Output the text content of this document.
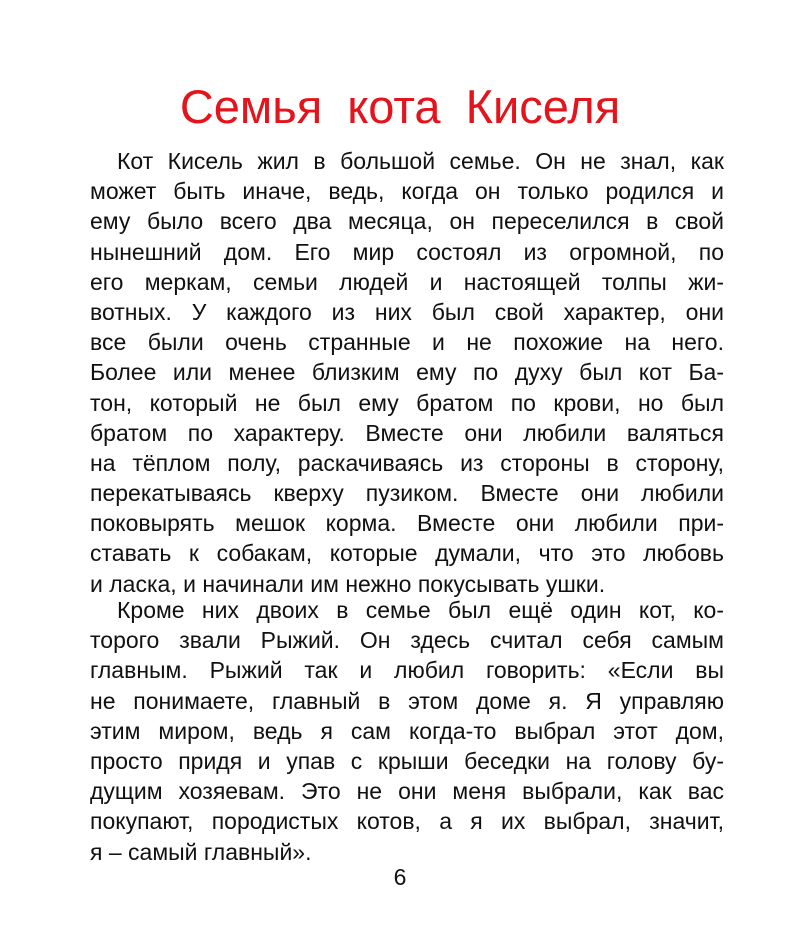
Семья кота Киселя
Кот Кисель жил в большой семье. Он не знал, как
может быть иначе, ведь, когда он только родился и
ему было всего два месяца, он переселился в свой
нынешний дом. Его мир состоял из огромной, по
его меркам, семьи людей и настоящей толпы жи-
вотных. У каждого из них был свой характер, они
все были очень странные и не похожие на него.
Более или менее близким ему по духу был кот Ба-
тон, который не был ему братом по крови, но был
братом по характеру. Вместе они любили валяться
на тёплом полу, раскачиваясь из стороны в сторону,
перекатываясь кверху пузиком. Вместе они любили
поковырять мешок корма. Вместе они любили при-
ставать к собакам, которые думали, что это любовь
и ласка, и начинали им нежно покусывать ушки.
Кроме них двоих в семье был ещё один кот, ко-
торого звали Рыжий. Он здесь считал себя самым
главным. Рыжий так и любил говорить: «Если вы
не понимаете, главный в этом доме я. Я управляю
этим миром, ведь я сам когда-то выбрал этот дом,
просто придя и упав с крыши беседки на голову бу-
дущим хозяевам. Это не они меня выбрали, как вас
покупают, породистых котов, а я их выбрал, значит,
я – самый главный».
6
